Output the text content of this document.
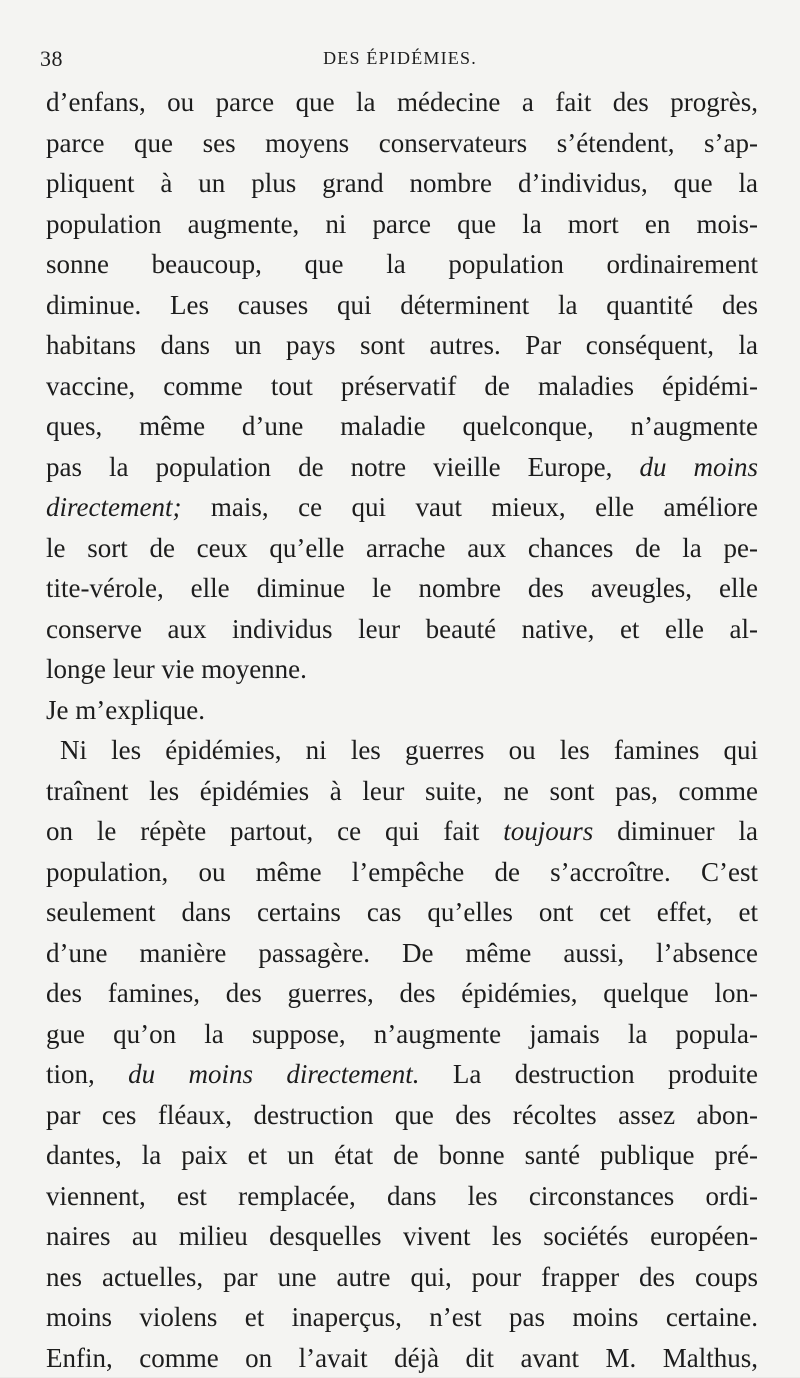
38	DES ÉPIDÉMIES.
d’enfans, ou parce que la médecine a fait des progrès,
parce que ses moyens conservateurs s’étendent, s’ap-
pliquent à un plus grand nombre d’individus, que la
population augmente, ni parce que la mort en mois-
sonne beaucoup, que la population ordinairement
diminue. Les causes qui déterminent la quantité des
habitans dans un pays sont autres. Par conséquent, la
vaccine, comme tout préservatif de maladies épidémi-
ques, même d’une maladie quelconque, n’augmente
pas la population de notre vieille Europe, du moins
directement; mais, ce qui vaut mieux, elle améliore
le sort de ceux qu’elle arrache aux chances de la pe-
tite-vérole, elle diminue le nombre des aveugles, elle
conserve aux individus leur beauté native, et elle al-
longe leur vie moyenne.
Je m’explique.
Ni les épidémies, ni les guerres ou les famines qui
traînent les épidémies à leur suite, ne sont pas, comme
on le répète partout, ce qui fait toujours diminuer la
population, ou même l’empêche de s’accroître. C’est
seulement dans certains cas qu’elles ont cet effet, et
d’une manière passagère. De même aussi, l’absence
des famines, des guerres, des épidémies, quelque lon-
gue qu’on la suppose, n’augmente jamais la popula-
tion, du moins directement. La destruction produite
par ces fléaux, destruction que des récoltes assez abon-
dantes, la paix et un état de bonne santé publique pré-
viennent, est remplacée, dans les circonstances ordi-
naires au milieu desquelles vivent les sociétés européen-
nes actuelles, par une autre qui, pour frapper des coups
moins violens et inaperçus, n’est pas moins certaine.
Enfin, comme on l’avait déjà dit avant M. Malthus,
